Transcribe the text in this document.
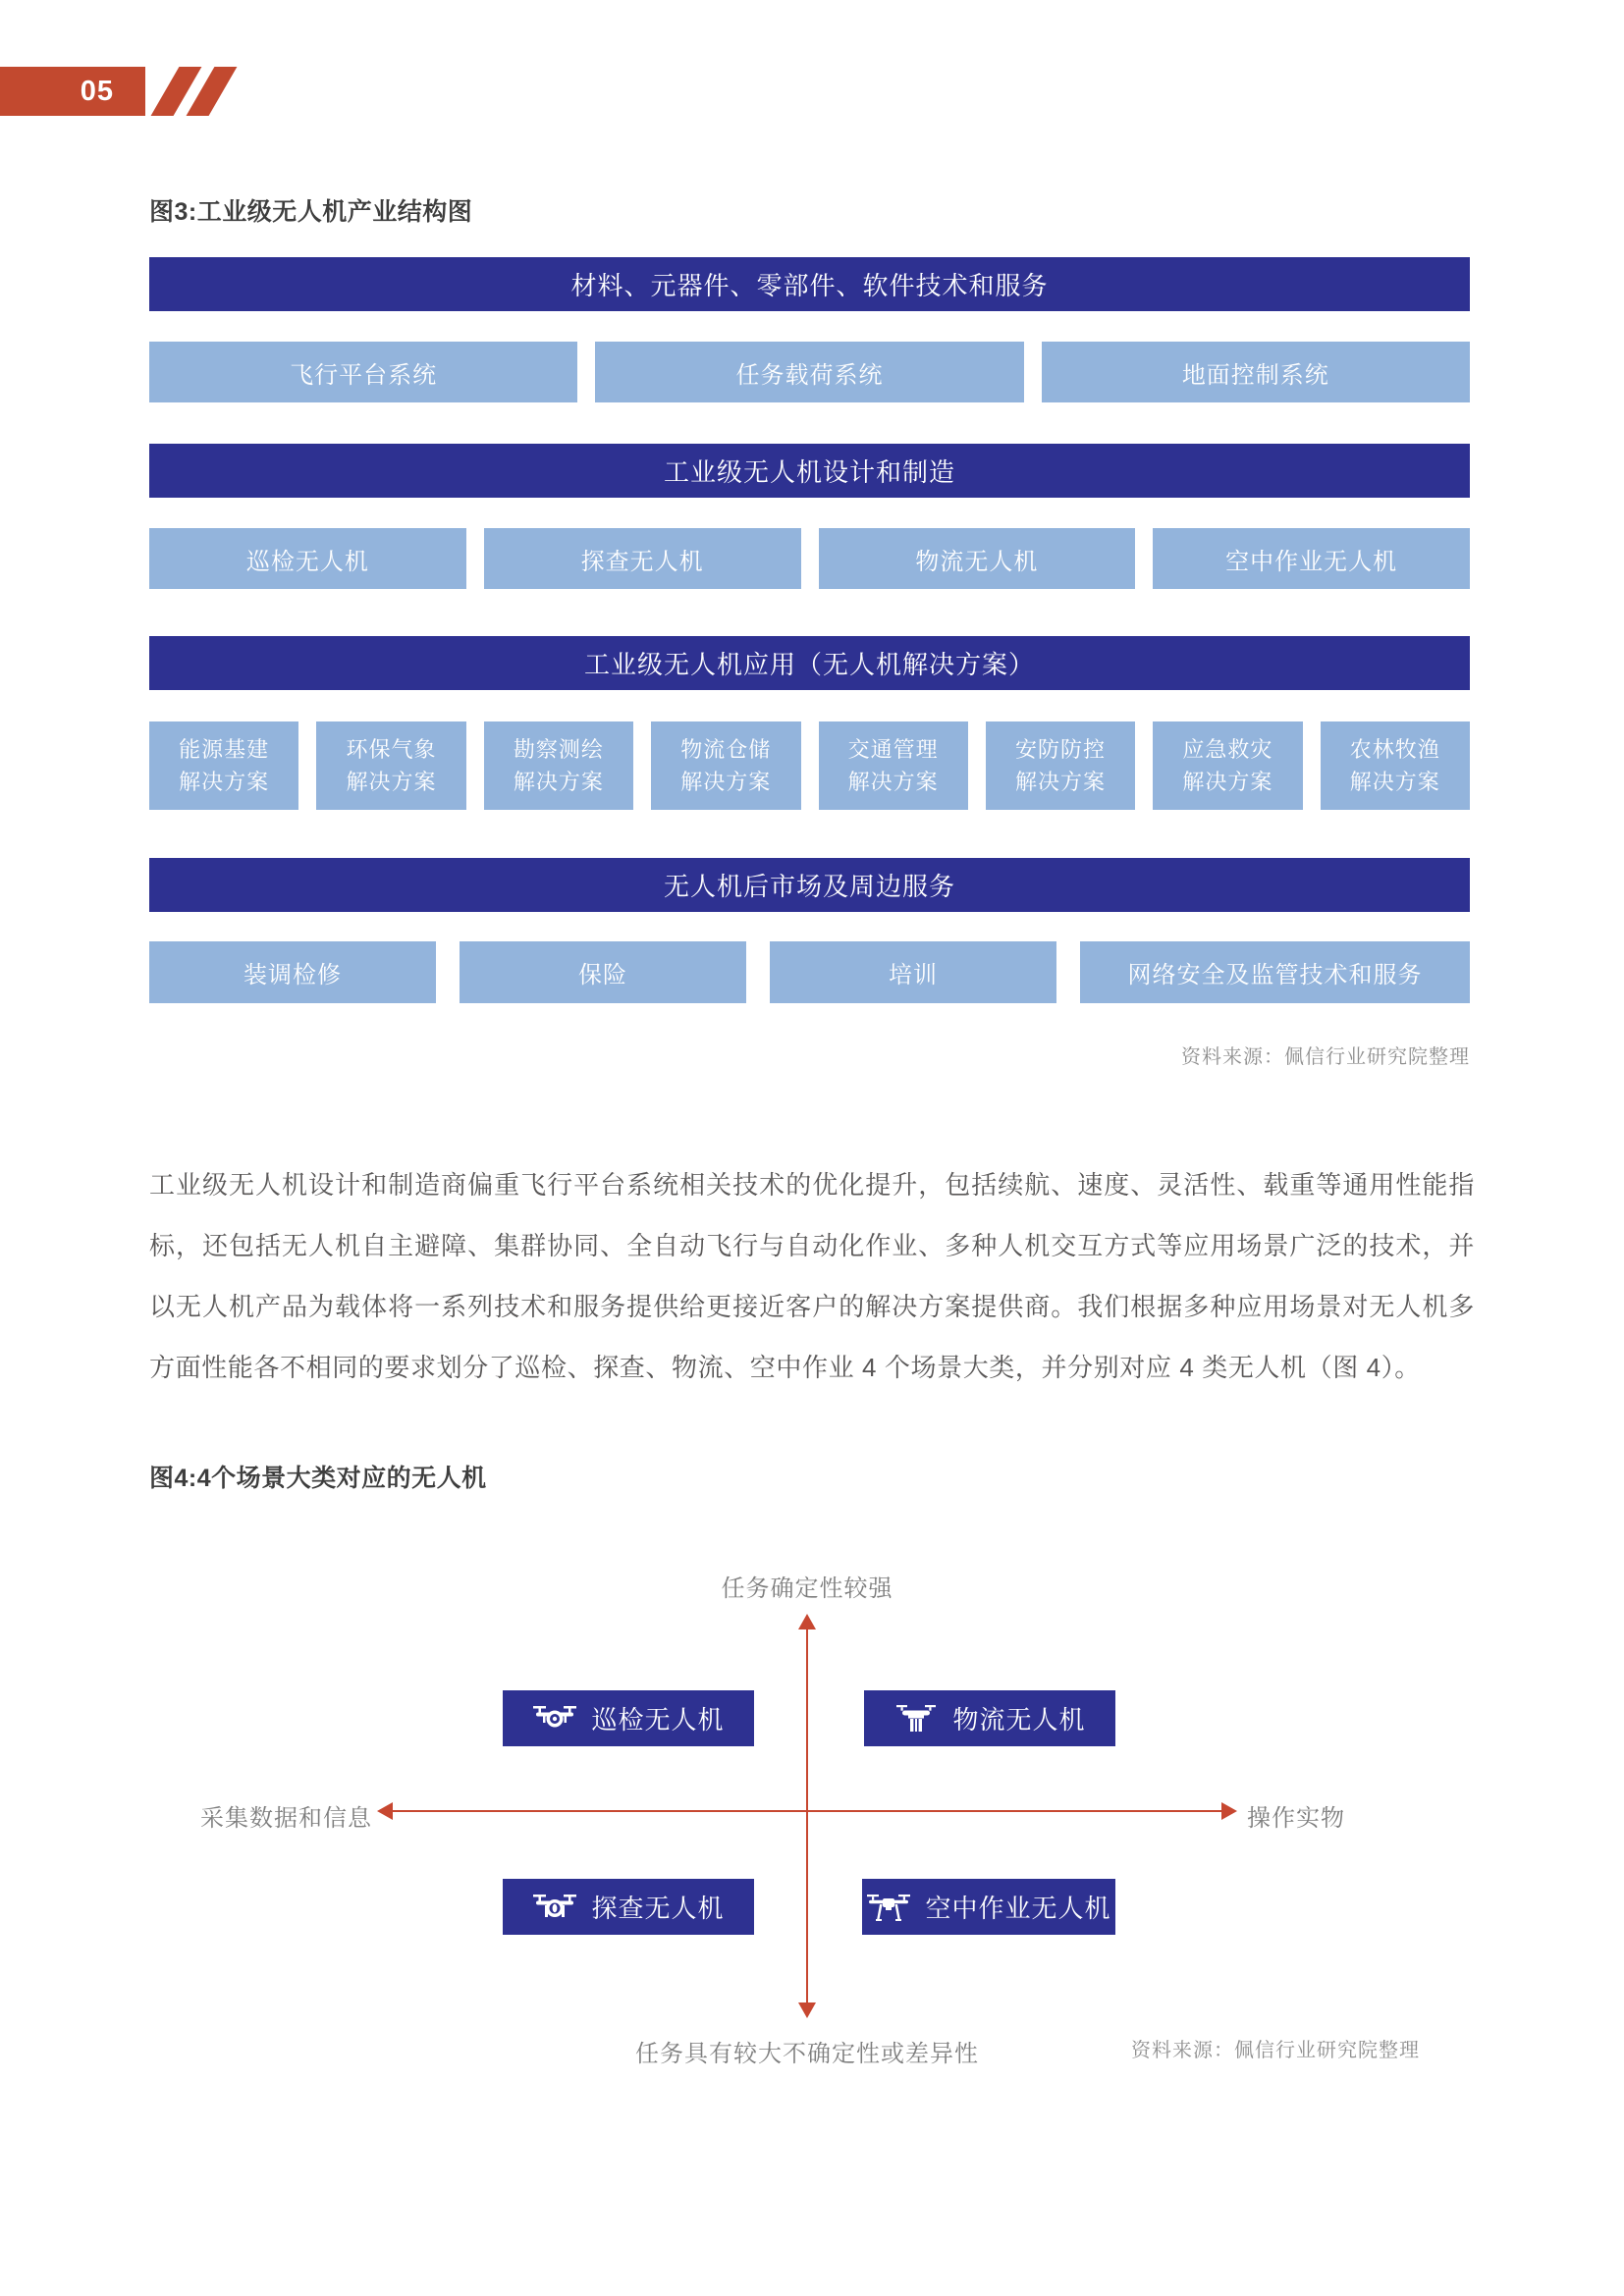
05
图3:工业级无人机产业结构图
材料、元器件、零部件、软件技术和服务
飞行平台系统	任务载荷系统	地面控制系统
工业级无人机设计和制造
巡检无人机	探查无人机	物流无人机	空中作业无人机
工业级无人机应用（无人机解决方案）
能源基建
解决方案
环保气象
解决方案
勘察测绘
解决方案
物流仓储
解决方案
交通管理
解决方案
安防防控
解决方案
应急救灾
解决方案
农林牧渔
解决方案
无人机后市场及周边服务
装调检修	保险	培训	网络安全及监管技术和服务
资料来源：佩信行业研究院整理
工业级无人机设计和制造商偏重飞行平台系统相关技术的优化提升，包括续航、速度、灵活性、载重等通用性能指标，还包括无人机自主避障、集群协同、全自动飞行与自动化作业、多种人机交互方式等应用场景广泛的技术，并以无人机产品为载体将一系列技术和服务提供给更接近客户的解决方案提供商。我们根据多种应用场景对无人机多方面性能各不相同的要求划分了巡检、探查、物流、空中作业 4 个场景大类，并分别对应 4 类无人机（图 4）。
图4:4个场景大类对应的无人机
任务确定性较强
任务具有较大不确定性或差异性
采集数据和信息	操作实物
巡检无人机	物流无人机
探查无人机	空中作业无人机
资料来源：佩信行业研究院整理
